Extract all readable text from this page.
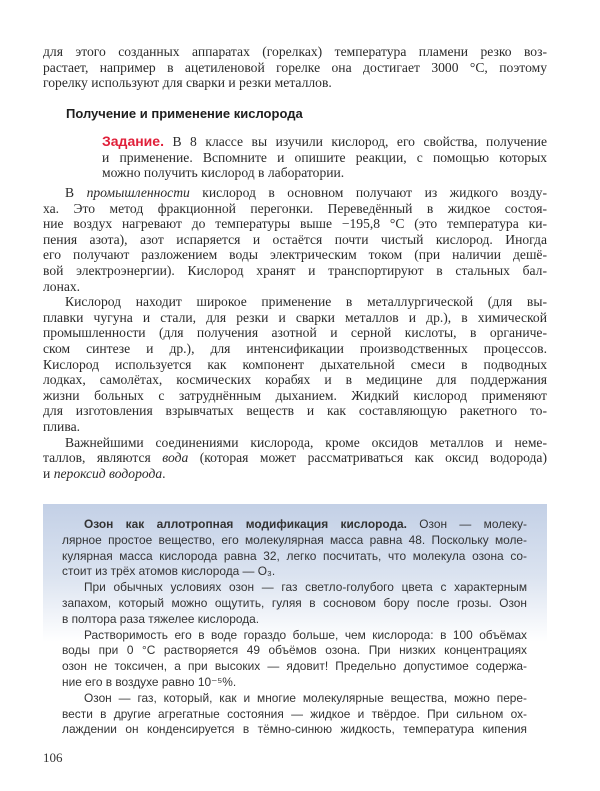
для этого созданных аппаратах (горелках) температура пламени резко воз-
растает, например в ацетиленовой горелке она достигает 3000 °C, поэтому
горелку используют для сварки и резки металлов.
Получение и применение кислорода
Задание. В 8 классе вы изучили кислород, его свойства, получение
и применение. Вспомните и опишите реакции, с помощью которых
можно получить кислород в лаборатории.
В промышленности кислород в основном получают из жидкого возду-
ха. Это метод фракционной перегонки. Переведённый в жидкое состоя-
ние воздух нагревают до температуры выше −195,8 °C (это температура ки-
пения азота), азот испаряется и остаётся почти чистый кислород. Иногда
его получают разложением воды электрическим током (при наличии дешё-
вой электроэнергии). Кислород хранят и транспортируют в стальных бал-
лонах.
Кислород находит широкое применение в металлургической (для вы-
плавки чугуна и стали, для резки и сварки металлов и др.), в химической
промышленности (для получения азотной и серной кислоты, в органиче-
ском синтезе и др.), для интенсификации производственных процессов.
Кислород используется как компонент дыхательной смеси в подводных
лодках, самолётах, космических корабях и в медицине для поддержания
жизни больных с затруднённым дыханием. Жидкий кислород применяют
для изготовления взрывчатых веществ и как составляющую ракетного то-
плива.
Важнейшими соединениями кислорода, кроме оксидов металлов и неме-
таллов, являются вода (которая может рассматриваться как оксид водорода)
и пероксид водорода.
Озон как аллотропная модификация кислорода. Озон — молеку-
лярное простое вещество, его молекулярная масса равна 48. Поскольку моле-
кулярная масса кислорода равна 32, легко посчитать, что молекула озона со-
стоит из трёх атомов кислорода — O₃.
При обычных условиях озон — газ светло-голубого цвета с характерным
запахом, который можно ощутить, гуляя в сосновом бору после грозы. Озон
в полтора раза тяжелее кислорода.
Растворимость его в воде гораздо больше, чем кислорода: в 100 объёмах
воды при 0 °C растворяется 49 объёмов озона. При низких концентрациях
озон не токсичен, а при высоких — ядовит! Предельно допустимое содержа-
ние его в воздухе равно 10⁻⁵%.
Озон — газ, который, как и многие молекулярные вещества, можно пере-
вести в другие агрегатные состояния — жидкое и твёрдое. При сильном ох-
лаждении он конденсируется в тёмно-синюю жидкость, температура кипения
106
